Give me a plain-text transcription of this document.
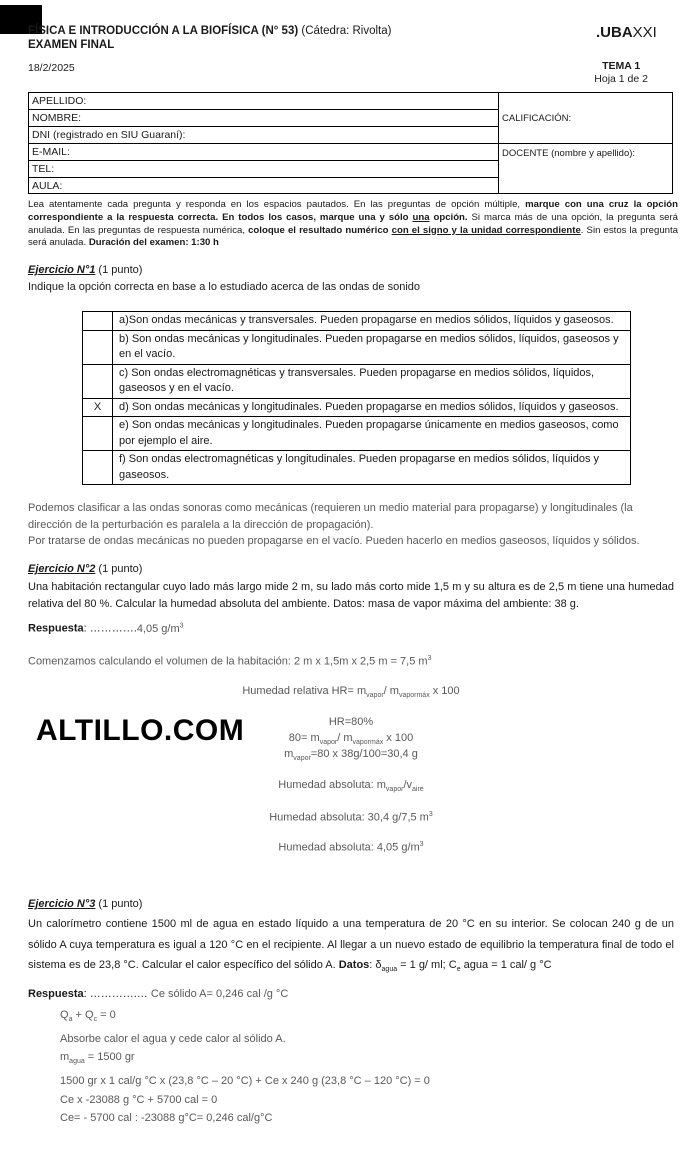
FÍSICA E INTRODUCCIÓN A LA BIOFÍSICA (N° 53) (Cátedra: Rivolta)
EXAMEN FINAL
.UBAXXI
18/2/2025	TEMA 1
Hoja 1 de 2
APELLIDO:
NOMBRE:
DNI (registrado en SIU Guaraní):
E-MAIL:
TEL:
AULA:
CALIFICACIÓN:
DOCENTE (nombre y apellido):

Lea atentamente cada pregunta y responda en los espacios pautados. En las preguntas de opción múltiple, marque con una cruz la opción correspondiente a la respuesta correcta. En todos los casos, marque una y sólo una opción. Si marca más de una opción, la pregunta será anulada. En las preguntas de respuesta numérica, coloque el resultado numérico con el signo y la unidad correspondiente. Sin estos la pregunta será anulada. Duración del examen: 1:30 h

Ejercicio N°1 (1 punto)
Indique la opción correcta en base a lo estudiado acerca de las ondas de sonido
	a)Son ondas mecánicas y transversales. Pueden propagarse en medios sólidos, líquidos y gaseosos.
	b) Son ondas mecánicas y longitudinales. Pueden propagarse en medios sólidos, líquidos, gaseosos y en el vacío.
	c) Son ondas electromagnéticas y transversales. Pueden propagarse en medios sólidos, líquidos, gaseosos y en el vacío.
X	d) Son ondas mecánicas y longitudinales. Pueden propagarse en medios sólidos, líquidos y gaseosos.
	e) Son ondas mecánicas y longitudinales. Pueden propagarse únicamente en medios gaseosos, como por ejemplo el aire.
	f) Son ondas electromagnéticas y longitudinales. Pueden propagarse en medios sólidos, líquidos y gaseosos.
Podemos clasificar a las ondas sonoras como mecánicas (requieren un medio material para propagarse) y longitudinales (la dirección de la perturbación es paralela a la dirección de propagación).
Por tratarse de ondas mecánicas no pueden propagarse en el vacío. Pueden hacerlo en medios gaseosos, líquidos y sólidos.
Ejercicio N°2 (1 punto)
Una habitación rectangular cuyo lado más largo mide 2 m, su lado más corto mide 1,5 m y su altura es de 2,5 m tiene una humedad relativa del 80 %. Calcular la humedad absoluta del ambiente. Datos: masa de vapor máxima del ambiente: 38 g.
Respuesta: ………….4,05 $g/m^3$
Comenzamos calculando el volumen de la habitación: 2 m x 1,5m x 2,5 m = 7,5 $m^3$
Humedad relativa $HR= m_{vapor}/$ $m_{vapormáx}$ x 100
HR=80%
$80= m_{vapor}/$ $m_{vapormáx}$ x 100
$m_{vapor}=80$ x 38g/100=30,4 g
Humedad absoluta: $m_{vapor}/v_{aire}$
Humedad absoluta: 30,4 g/7,5 $m^3$
Humedad absoluta: 4,05 $g/m^3$
ALTILLO.COM
Ejercicio N°3 (1 punto)
Un calorímetro contiene 1500 ml de agua en estado líquido a una temperatura de 20 °C en su interior. Se colocan 240 g de un sólido A cuya temperatura es igual a 120 °C en el recipiente. Al llegar a un nuevo estado de equilibrio la temperatura final de todo el sistema es de 23,8 °C. Calcular el calor específico del sólido A. Datos: $\delta_{agua} = 1$ g/ ml; $C_e$ agua = 1 cal/ g °C
Respuesta: ………….… Ce sólido A= 0,246 cal /g °C
$Q_a + Q_c = 0$
Absorbe calor el agua y cede calor al sólido A.
$m_{agua} = 1500$ gr
1500 gr x 1 cal/g °C x (23,8 °C – 20 °C) + Ce x 240 g (23,8 °C – 120 °C) = 0
Ce x -23088 g °C + 5700 cal = 0
Ce= - 5700 cal : -23088 g°C= 0,246 cal/g°C
